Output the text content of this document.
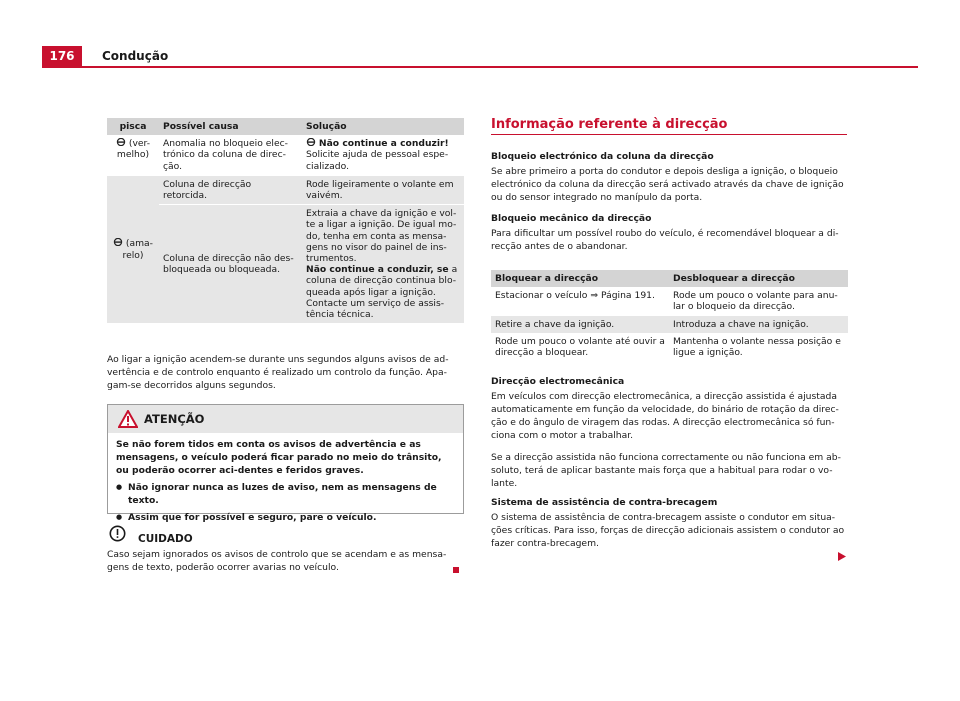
176	Condução
pisca	Possível causa	Solução
(ver-melho)	Anomalia no bloqueio elec-trónico da coluna de direc-ção.	Não continue a conduzir!
Solicite ajuda de pessoal espe-cializado.
(ama-relo)	Coluna de direcção retorcida.	Rode ligeiramente o volante em vaivém.
	Coluna de direcção não des-bloqueada ou bloqueada.	Extraia a chave da ignição e vol-te a ligar a ignição. De igual mo-do, tenha em conta as mensa-gens no visor do painel de ins-trumentos.
Não continue a conduzir, se a coluna de direcção continua blo-queada após ligar a ignição. Contacte um serviço de assis-tência técnica.
Ao ligar a ignição acendem-se durante uns segundos alguns avisos de ad-vertência e de controlo enquanto é realizado um controlo da função. Apa-gam-se decorridos alguns segundos.
ATENÇÃO
Se não forem tidos em conta os avisos de advertência e as mensagens, o veículo poderá ficar parado no meio do trânsito, ou poderão ocorrer aci-dentes e feridos graves.
● Não ignorar nunca as luzes de aviso, nem as mensagens de texto.
● Assim que for possível e seguro, pare o veículo.
CUIDADO
Caso sejam ignorados os avisos de controlo que se acendam e as mensa-gens de texto, poderão ocorrer avarias no veículo.
Informação referente à direcção
Bloqueio electrónico da coluna da direcção
Se abre primeiro a porta do condutor e depois desliga a ignição, o bloqueio electrónico da coluna da direcção será activado através da chave de ignição ou do sensor integrado no manípulo da porta.
Bloqueio mecânico da direcção
Para dificultar um possível roubo do veículo, é recomendável bloquear a di-recção antes de o abandonar.
Bloquear a direcção	Desbloquear a direcção
Estacionar o veículo ⇒ Página 191.	Rode um pouco o volante para anu-lar o bloqueio da direcção.
Retire a chave da ignição.	Introduza a chave na ignição.
Rode um pouco o volante até ouvir a direcção a bloquear.	Mantenha o volante nessa posição e ligue a ignição.
Direcção electromecânica
Em veículos com direcção electromecânica, a direcção assistida é ajustada automaticamente em função da velocidade, do binário de rotação da direc-ção e do ângulo de viragem das rodas. A direcção electromecânica só fun-ciona com o motor a trabalhar.
Se a direcção assistida não funciona correctamente ou não funciona em ab-soluto, terá de aplicar bastante mais força que a habitual para rodar o vo-lante.
Sistema de assistência de contra-brecagem
O sistema de assistência de contra-brecagem assiste o condutor em situa-ções críticas. Para isso, forças de direcção adicionais assistem o condutor ao fazer contra-brecagem.
